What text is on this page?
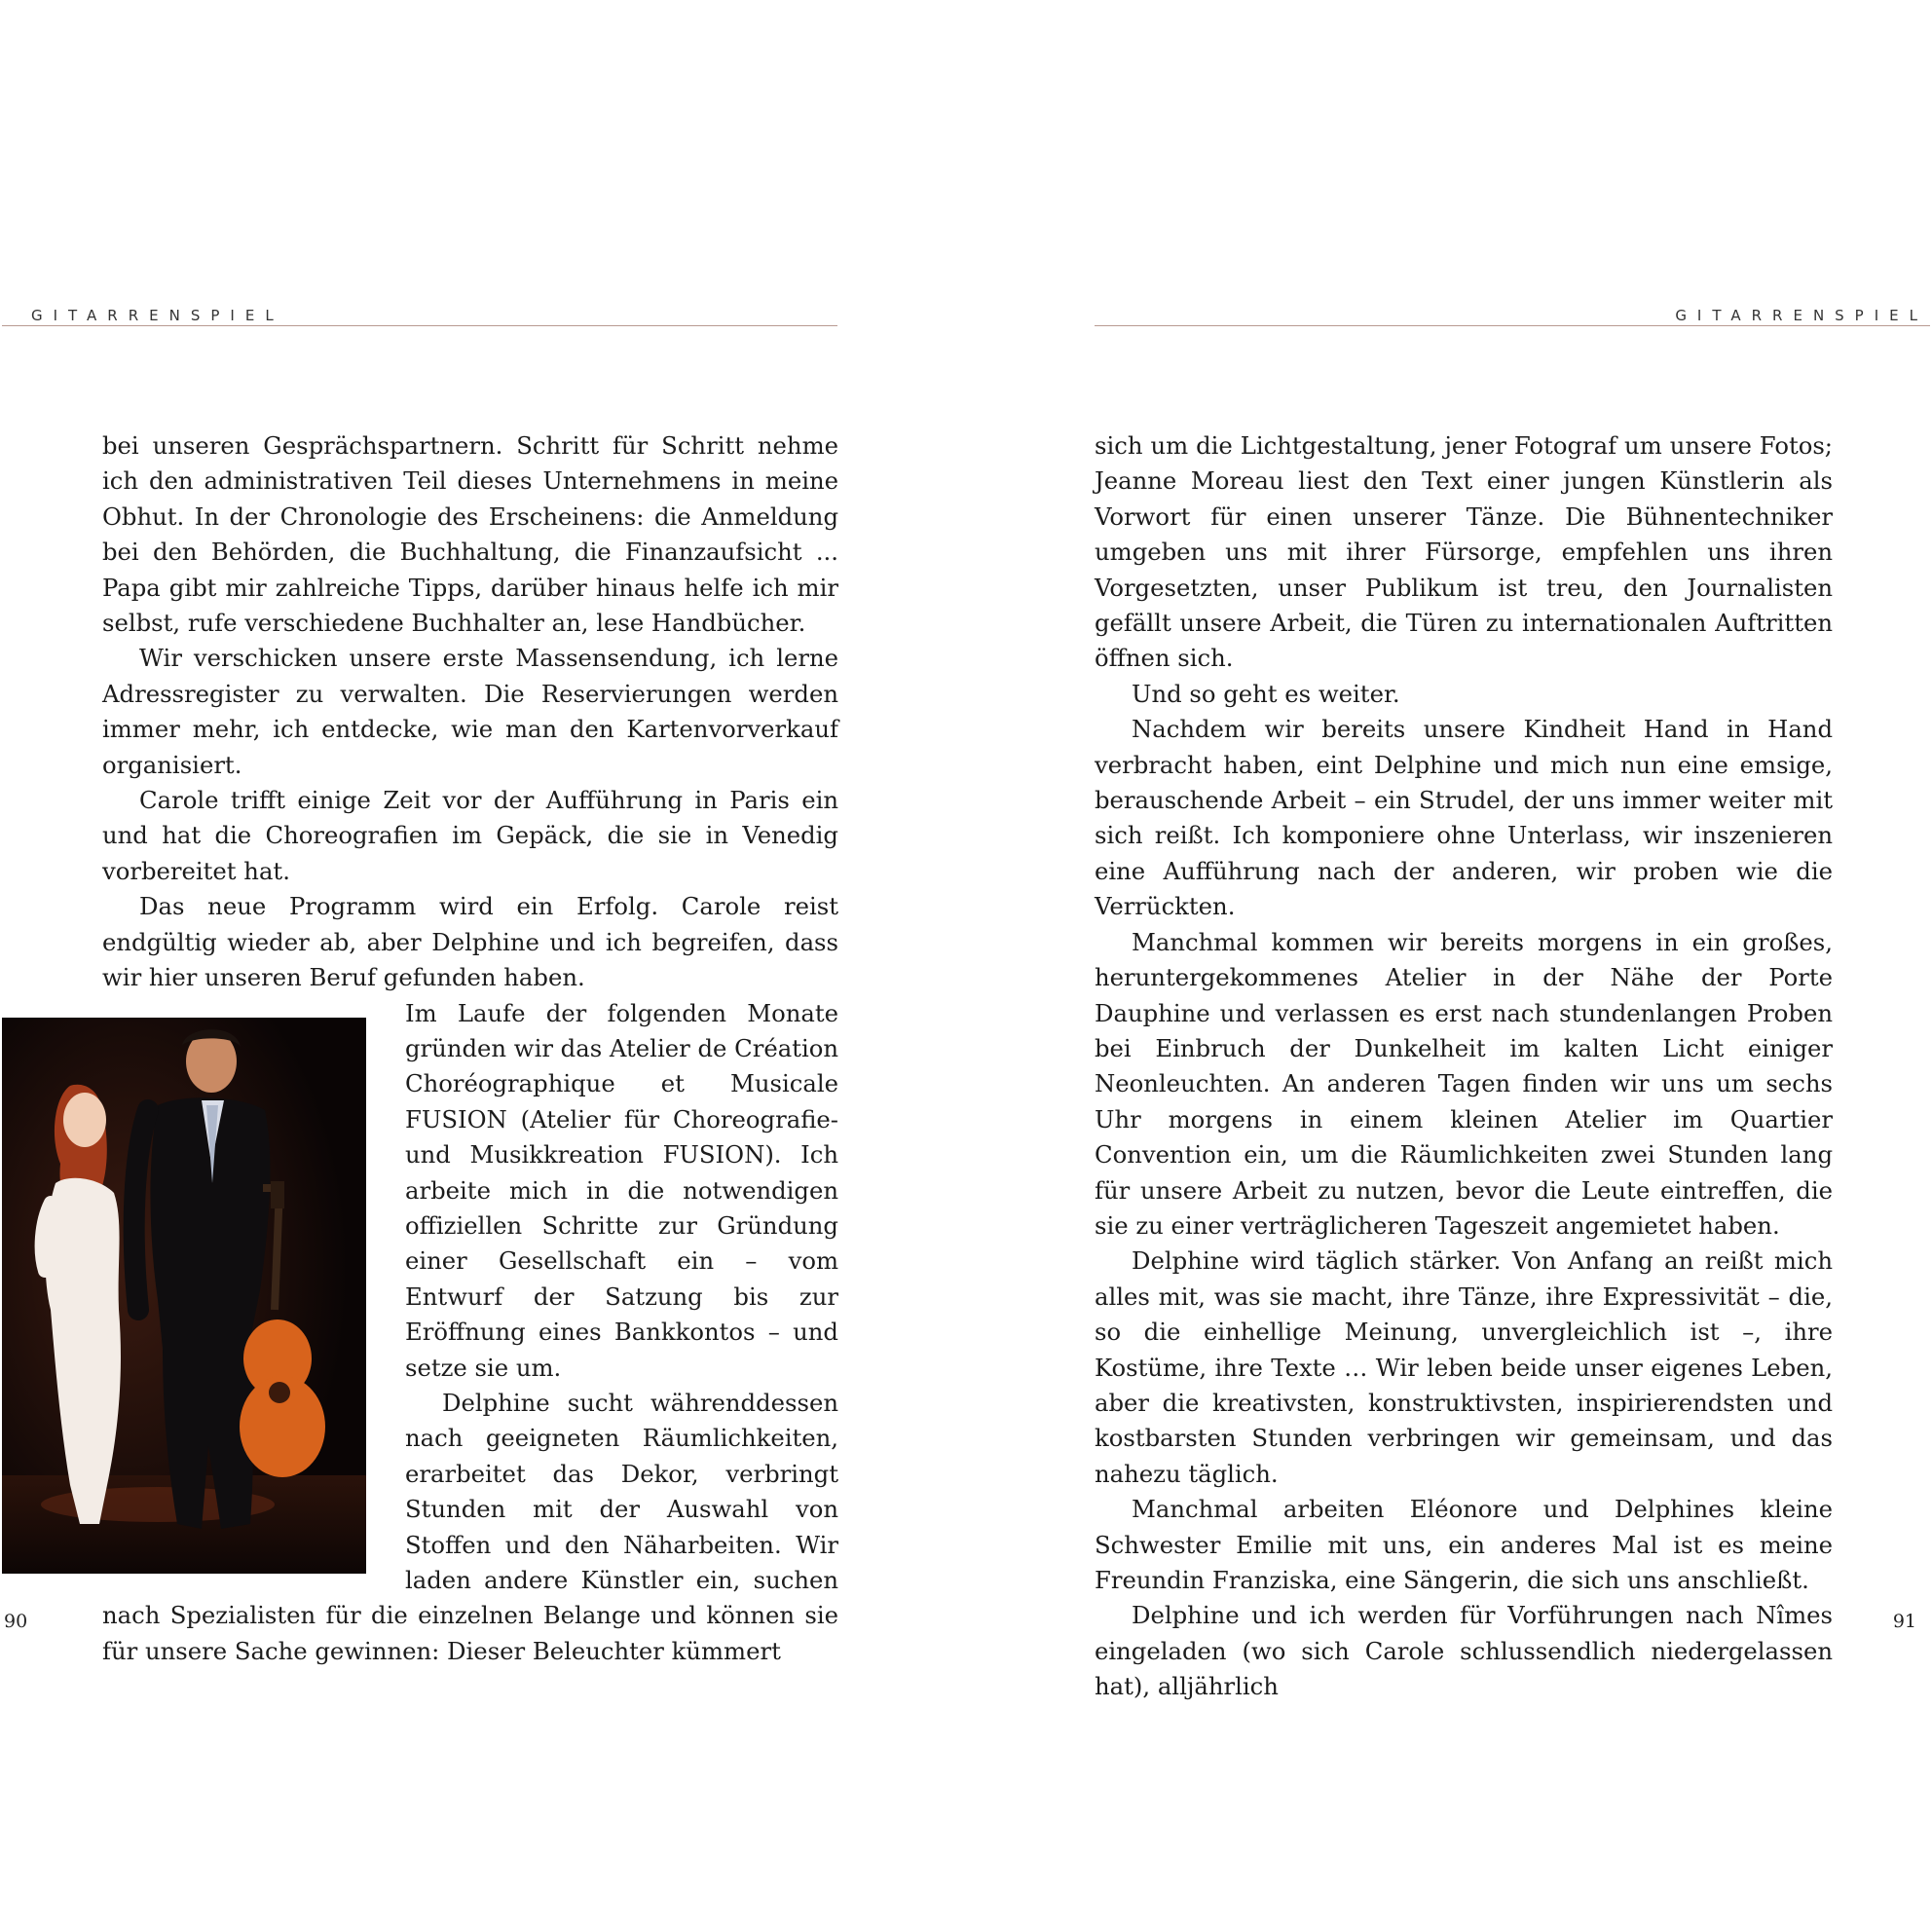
GITARRENSPIEL

bei unseren Gesprächspartnern. Schritt für Schritt nehme ich den administrativen Teil dieses Unternehmens in meine Obhut. In der Chronologie des Erscheinens: die Anmeldung bei den Behörden, die Buchhaltung, die Finanzaufsicht ... Papa gibt mir zahlreiche Tipps, darüber hinaus helfe ich mir selbst, rufe verschiedene Buchhalter an, lese Handbücher.

Wir verschicken unsere erste Massensendung, ich lerne Adressregister zu verwalten. Die Reservierungen werden immer mehr, ich entdecke, wie man den Kartenvorverkauf organisiert.

Carole trifft einige Zeit vor der Aufführung in Paris ein und hat die Choreografien im Gepäck, die sie in Venedig vorbereitet hat.

Das neue Programm wird ein Erfolg. Carole reist endgültig wieder ab, aber Delphine und ich begreifen, dass wir hier unseren Beruf gefunden haben.

Im Laufe der folgenden Monate gründen wir das Atelier de Création Choréographique et Musicale FUSION (Atelier für Choreografie- und Musikkreation FUSION). Ich arbeite mich in die notwendigen offiziellen Schritte zur Gründung einer Gesellschaft ein – vom Entwurf der Satzung bis zur Eröffnung eines Bankkontos – und setze sie um.

Delphine sucht währenddessen nach geeigneten Räumlichkeiten, erarbeitet das Dekor, verbringt Stunden mit der Auswahl von Stoffen und den Näharbeiten. Wir laden andere Künstler ein, suchen nach Spezialisten für die einzelnen Belange und können sie für unsere Sache gewinnen: Dieser Beleuchter kümmert

90
GITARRENSPIEL

sich um die Lichtgestaltung, jener Fotograf um unsere Fotos; Jeanne Moreau liest den Text einer jungen Künstlerin als Vorwort für einen unserer Tänze. Die Bühnentechniker umgeben uns mit ihrer Fürsorge, empfehlen uns ihren Vorgesetzten, unser Publikum ist treu, den Journalisten gefällt unsere Arbeit, die Türen zu internationalen Auftritten öffnen sich.

Und so geht es weiter.

Nachdem wir bereits unsere Kindheit Hand in Hand verbracht haben, eint Delphine und mich nun eine emsige, berauschende Arbeit – ein Strudel, der uns immer weiter mit sich reißt. Ich komponiere ohne Unterlass, wir inszenieren eine Aufführung nach der anderen, wir proben wie die Verrückten.

Manchmal kommen wir bereits morgens in ein großes, heruntergekommenes Atelier in der Nähe der Porte Dauphine und verlassen es erst nach stundenlangen Proben bei Einbruch der Dunkelheit im kalten Licht einiger Neonleuchten. An anderen Tagen finden wir uns um sechs Uhr morgens in einem kleinen Atelier im Quartier Convention ein, um die Räumlichkeiten zwei Stunden lang für unsere Arbeit zu nutzen, bevor die Leute eintreffen, die sie zu einer verträglicheren Tageszeit angemietet haben.

Delphine wird täglich stärker. Von Anfang an reißt mich alles mit, was sie macht, ihre Tänze, ihre Expressivität – die, so die einhellige Meinung, unvergleichlich ist –, ihre Kostüme, ihre Texte … Wir leben beide unser eigenes Leben, aber die kreativsten, konstruktivsten, inspirierendsten und kostbarsten Stunden verbringen wir gemeinsam, und das nahezu täglich.

Manchmal arbeiten Eléonore und Delphines kleine Schwester Emilie mit uns, ein anderes Mal ist es meine Freundin Franziska, eine Sängerin, die sich uns anschließt.

Delphine und ich werden für Vorführungen nach Nîmes eingeladen (wo sich Carole schlussendlich niedergelassen hat), alljährlich

91
